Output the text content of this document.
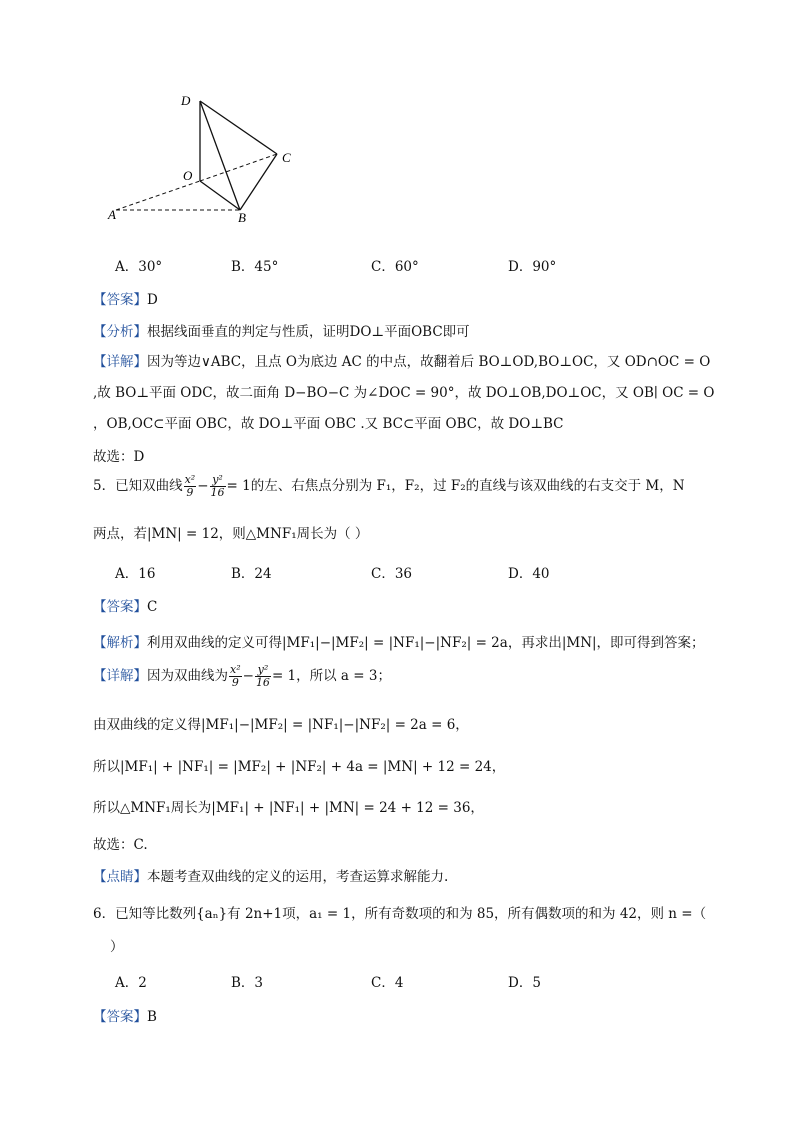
D
O
C
A	B
A．30°	B．45°	C．60°	D．90°
【答案】D
【分析】根据线面垂直的判定与性质，证明DO⊥平面OBC即可
【详解】因为等边∨ABC，且点 O为底边 AC 的中点，故翻着后 BO⊥OD,BO⊥OC，又 OD∩OC = O
,故 BO⊥平面 ODC，故二面角 D−BO−C 为∠DOC = 90°，故 DO⊥OB,DO⊥OC，又 OB∣ OC = O
，OB,OC⊂平面 OBC，故 DO⊥平面 OBC .又 BC⊂平面 OBC，故 DO⊥BC
故选：D
5．已知双曲线 $\frac{\text{x²}}{9} - \frac{\text{y²}}{16} = 1$的左、右焦点分别为 F₁，F₂，过 F₂的直线与该双曲线的右支交于 M，N
两点，若|MN| = 12，则△MNF₁周长为（ ）
A．16	B．24	C．36	D．40
【答案】C
【解析】利用双曲线的定义可得|MF₁|−|MF₂| = |NF₁|−|NF₂| = 2a，再求出|MN|，即可得到答案；
【详解】因为双曲线为 $\frac{\text{x²}}{9} - \frac{\text{y²}}{16} = 1$，所以 a = 3；
由双曲线的定义得|MF₁|−|MF₂| = |NF₁|−|NF₂| = 2a = 6，
所以|MF₁| + |NF₁| = |MF₂| + |NF₂| + 4a = |MN| + 12 = 24，
所以△MNF₁周长为|MF₁| + |NF₁| + |MN| = 24 + 12 = 36，
故选：C.
【点睛】本题考查双曲线的定义的运用，考查运算求解能力.
6．已知等比数列{aₙ}有 2n+1项，a₁ = 1，所有奇数项的和为 85，所有偶数项的和为 42，则 n =（
）
A．2	B．3	C．4	D．5
【答案】B
